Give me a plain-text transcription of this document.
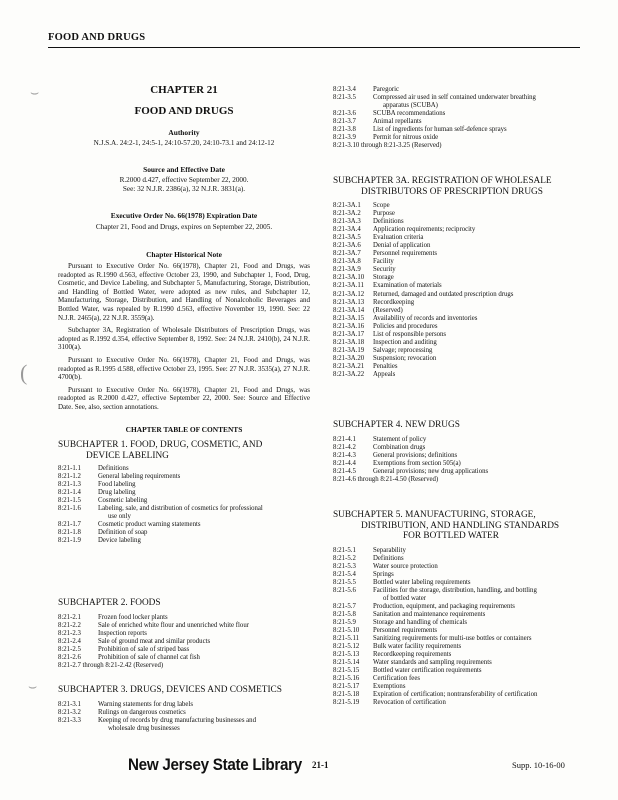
FOOD AND DRUGS
⌣
(
⌣
CHAPTER 21
FOOD AND DRUGS
Authority
N.J.S.A. 24:2-1, 24:5-1, 24:10-57.20, 24:10-73.1 and 24:12-12
Source and Effective Date
R.2000 d.427, effective September 22, 2000.
See: 32 N.J.R. 2386(a), 32 N.J.R. 3831(a).
Executive Order No. 66(1978) Expiration Date
Chapter 21, Food and Drugs, expires on September 22, 2005.
Chapter Historical Note

Pursuant to Executive Order No. 66(1978), Chapter 21, Food and Drugs, was readopted as R.1990 d.563, effective October 23, 1990, and Subchapter 1, Food, Drug, Cosmetic, and Device Labeling, and Subchapter 5, Manufacturing, Storage, Distribution, and Handling of Bottled Water, were adopted as new rules, and Subchapter 12, Manufacturing, Storage, Distribution, and Handling of Nonalcoholic Beverages and Bottled Water, was repealed by R.1990 d.563, effective November 19, 1990. See: 22 N.J.R. 2465(a), 22 N.J.R. 3559(a).

Subchapter 3A, Registration of Wholesale Distributors of Prescription Drugs, was adopted as R.1992 d.354, effective September 8, 1992. See: 24 N.J.R. 2410(b), 24 N.J.R. 3100(a).

Pursuant to Executive Order No. 66(1978), Chapter 21, Food and Drugs, was readopted as R.1995 d.588, effective October 23, 1995. See: 27 N.J.R. 3535(a), 27 N.J.R. 4700(b).

Pursuant to Executive Order No. 66(1978), Chapter 21, Food and Drugs, was readopted as R.2000 d.427, effective September 22, 2000. See: Source and Effective Date. See, also, section annotations.

CHAPTER TABLE OF CONTENTS
SUBCHAPTER 1. FOOD, DRUG, COSMETIC, AND
DEVICE LABELING
8:21-1.1	Definitions
8:21-1.2	General labeling requirements
8:21-1.3	Food labeling
8:21-1.4	Drug labeling
8:21-1.5	Cosmetic labeling
8:21-1.6	Labeling, sale, and distribution of cosmetics for professional
use only
8:21-1.7	Cosmetic product warning statements
8:21-1.8	Definition of soap
8:21-1.9	Device labeling
SUBCHAPTER 2. FOODS
8:21-2.1	Frozen food locker plants
8:21-2.2	Sale of enriched white flour and unenriched white flour
8:21-2.3	Inspection reports
8:21-2.4	Sale of ground meat and similar products
8:21-2.5	Prohibition of sale of striped bass
8:21-2.6	Prohibition of sale of channel cat fish
8:21-2.7 through 8:21-2.42 (Reserved)
SUBCHAPTER 3. DRUGS, DEVICES AND COSMETICS
8:21-3.1	Warning statements for drug labels
8:21-3.2	Rulings on dangerous cosmetics
8:21-3.3	Keeping of records by drug manufacturing businesses and
wholesale drug businesses
8:21-3.4	Paregoric
8:21-3.5	Compressed air used in self contained underwater breathing
apparatus (SCUBA)
8:21-3.6	SCUBA recommendations
8:21-3.7	Animal repellants
8:21-3.8	List of ingredients for human self-defence sprays
8:21-3.9	Permit for nitrous oxide
8:21-3.10 through 8:21-3.25 (Reserved)
SUBCHAPTER 3A. REGISTRATION OF WHOLESALE
DISTRIBUTORS OF PRESCRIPTION DRUGS
8:21-3A.1	Scope
8:21-3A.2	Purpose
8:21-3A.3	Definitions
8:21-3A.4	Application requirements; reciprocity
8:21-3A.5	Evaluation criteria
8:21-3A.6	Denial of application
8:21-3A.7	Personnel requirements
8:21-3A.8	Facility
8:21-3A.9	Security
8:21-3A.10	Storage
8:21-3A.11	Examination of materials
8:21-3A.12	Returned, damaged and outdated prescription drugs
8:21-3A.13	Recordkeeping
8:21-3A.14	(Reserved)
8:21-3A.15	Availability of records and inventories
8:21-3A.16	Policies and procedures
8:21-3A.17	List of responsible persons
8:21-3A.18	Inspection and auditing
8:21-3A.19	Salvage; reprocessing
8:21-3A.20	Suspension; revocation
8:21-3A.21	Penalties
8:21-3A.22	Appeals
SUBCHAPTER 4. NEW DRUGS
8:21-4.1	Statement of policy
8:21-4.2	Combination drugs
8:21-4.3	General provisions; definitions
8:21-4.4	Exemptions from section 505(a)
8:21-4.5	General provisions; new drug applications
8:21-4.6 through 8:21-4.50 (Reserved)
SUBCHAPTER 5. MANUFACTURING, STORAGE,
DISTRIBUTION, AND HANDLING STANDARDS
FOR BOTTLED WATER
8:21-5.1	Separability
8:21-5.2	Definitions
8:21-5.3	Water source protection
8:21-5.4	Springs
8:21-5.5	Bottled water labeling requirements
8:21-5.6	Facilities for the storage, distribution, handling, and bottling
of bottled water
8:21-5.7	Production, equipment, and packaging requirements
8:21-5.8	Sanitation and maintenance requirements
8:21-5.9	Storage and handling of chemicals
8:21-5.10	Personnel requirements
8:21-5.11	Sanitizing requirements for multi-use bottles or containers
8:21-5.12	Bulk water facility requirements
8:21-5.13	Recordkeeping requirements
8:21-5.14	Water standards and sampling requirements
8:21-5.15	Bottled water certification requirements
8:21-5.16	Certification fees
8:21-5.17	Exemptions
8:21-5.18	Expiration of certification; nontransferability of certification
8:21-5.19	Revocation of certification
New Jersey State Library 21-1	Supp. 10-16-00
